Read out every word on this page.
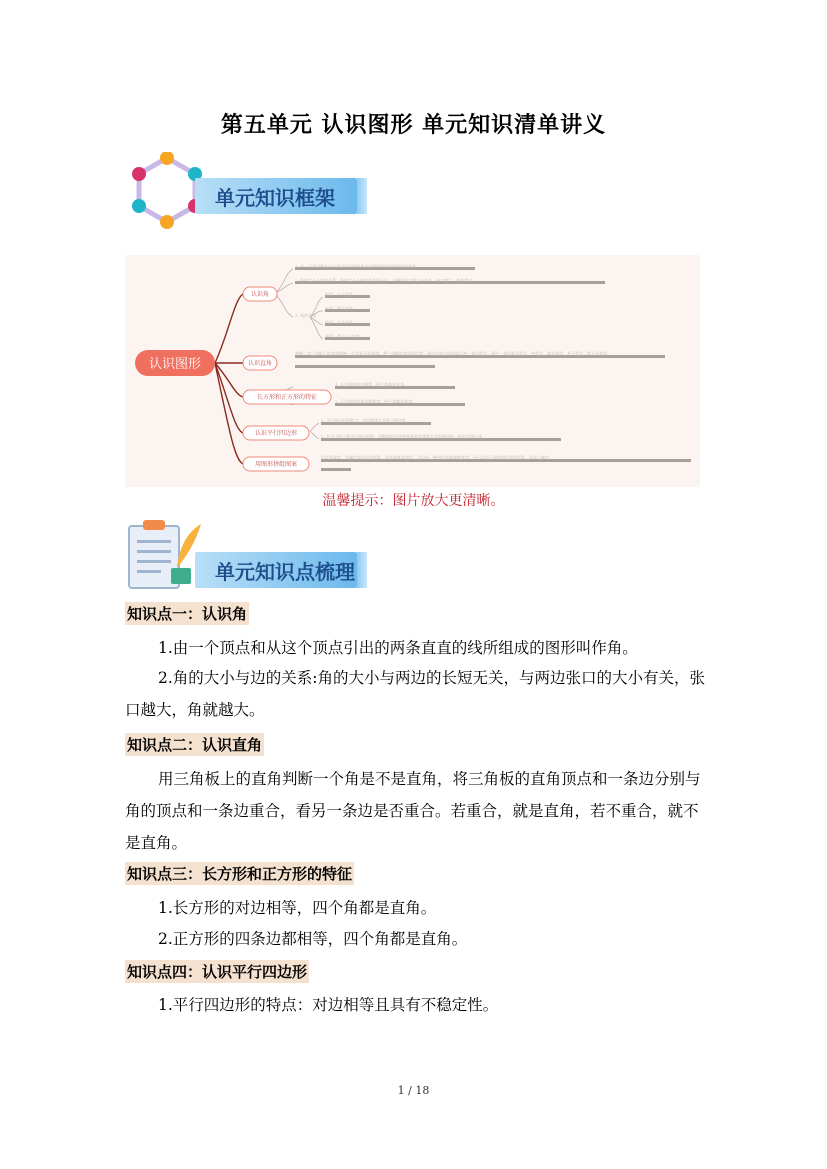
第五单元 认识图形 单元知识清单讲义
单元知识框架
认识图形
认识角
认识直角
长方形和正方形的特征
认识平行四边形
用图形拼组图案
1. 由一个顶点和从这个顶点引出的两条直直的线所组成的图形叫作角。
2. 角的大小与边的关系：角的大小与两边的长短无关，与两边张口的大小有关，张口越大，角就越大。
3. 角的分类
锐角：小于直角
直角：等于直角
钝角：大于直角
平角：等于2个直角
判断：用三角板上的直角判断一个角是不是直角。将三角板的直角顶点和一条边分别与角的顶点和一条边重合，看另一条边是否重合。若重合，就是直角，若不重合，就不是直角。
1. 长方形的对边相等，四个角都是直角。
2. 正方形的四条边都相等，四个角都是直角。
1. 平行四边形的特点：对边相等且具有不稳定性。
2. 在点子图上画平行四边形时，用数格的方法把两条长度相等且方向相同的一组对边画出来。
设计图案时，先确定要设计的图案，再选择基本图形，可以选一种图形有规律地排列，还可以用不同的图形拼组图案，再涂上颜色。
温馨提示：图片放大更清晰。
单元知识点梳理
知识点一：认识角
1.由一个顶点和从这个顶点引出的两条直直的线所组成的图形叫作角。
2.角的大小与边的关系:角的大小与两边的长短无关，与两边张口的大小有关，张口越大，角就越大。
知识点二：认识直角
用三角板上的直角判断一个角是不是直角，将三角板的直角顶点和一条边分别与角的顶点和一条边重合，看另一条边是否重合。若重合，就是直角，若不重合，就不是直角。
知识点三：长方形和正方形的特征
1.长方形的对边相等，四个角都是直角。
2.正方形的四条边都相等，四个角都是直角。
知识点四：认识平行四边形
1.平行四边形的特点：对边相等且具有不稳定性。
1 / 18
